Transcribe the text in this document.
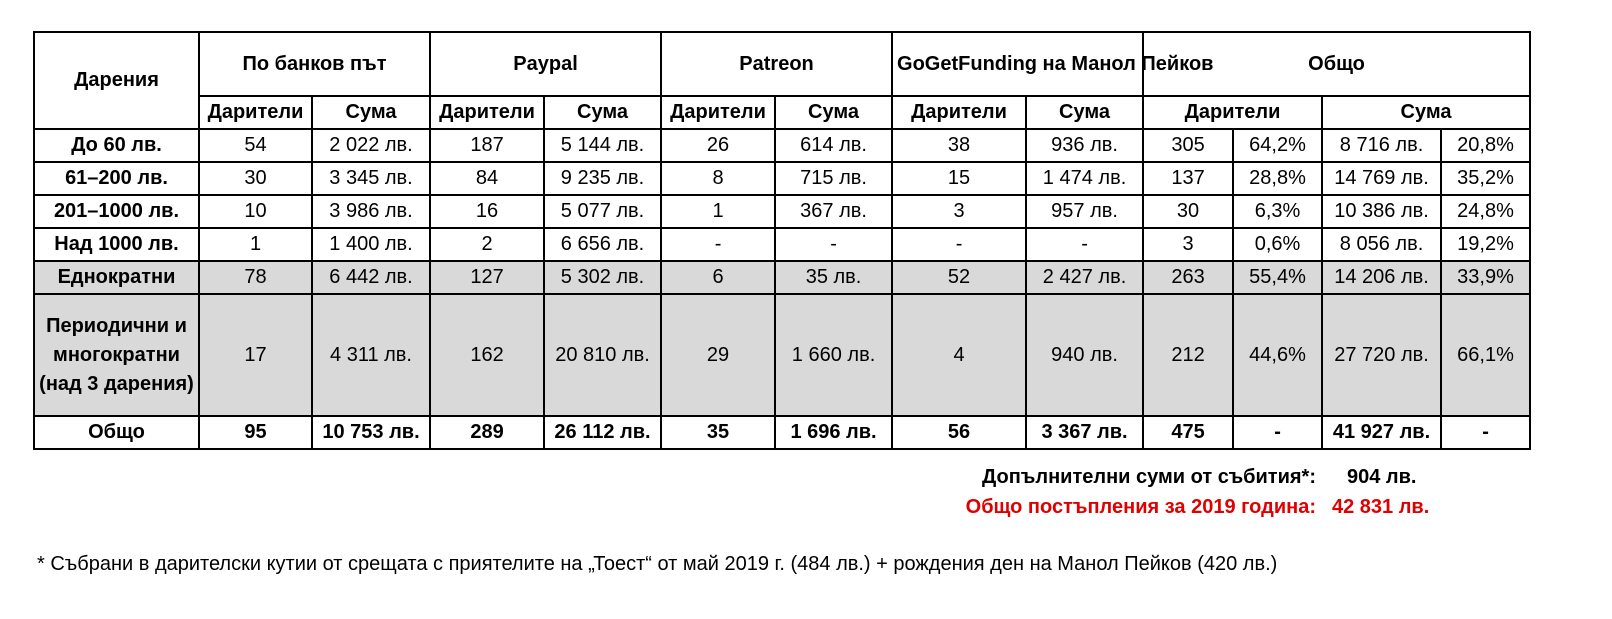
Дарения	По банков път		Paypal		Patreon		GoGetFunding на Манол Пейков		Общо			
	Дарители	Сума	Дарители	Сума	Дарители	Сума	Дарители	Сума	Дарители		Сума	
До 60 лв.	54	2 022 лв.	187	5 144 лв.	26	614 лв.	38	936 лв.	305	64,2%	8 716 лв.	20,8%
61–200 лв.	30	3 345 лв.	84	9 235 лв.	8	715 лв.	15	1 474 лв.	137	28,8%	14 769 лв.	35,2%
201–1000 лв.	10	3 986 лв.	16	5 077 лв.	1	367 лв.	3	957 лв.	30	6,3%	10 386 лв.	24,8%
Над 1000 лв.	1	1 400 лв.	2	6 656 лв.	-	-	-	-	3	0,6%	8 056 лв.	19,2%
Еднократни	78	6 442 лв.	127	5 302 лв.	6	35 лв.	52	2 427 лв.	263	55,4%	14 206 лв.	33,9%
Периодични и многократни (над 3 дарения)	17	4 311 лв.	162	20 810 лв.	29	1 660 лв.	4	940 лв.	212	44,6%	27 720 лв.	66,1%
Общо	95	10 753 лв.	289	26 112 лв.	35	1 696 лв.	56	3 367 лв.	475	-	41 927 лв.	-
Допълнителни суми от събития*: 904 лв.
Общо постъпления за 2019 година: 42 831 лв.
* Събрани в дарителски кутии от срещата с приятелите на „Тоест“ от май 2019 г. (484 лв.) + рождения ден на Манол Пейков (420 лв.)
